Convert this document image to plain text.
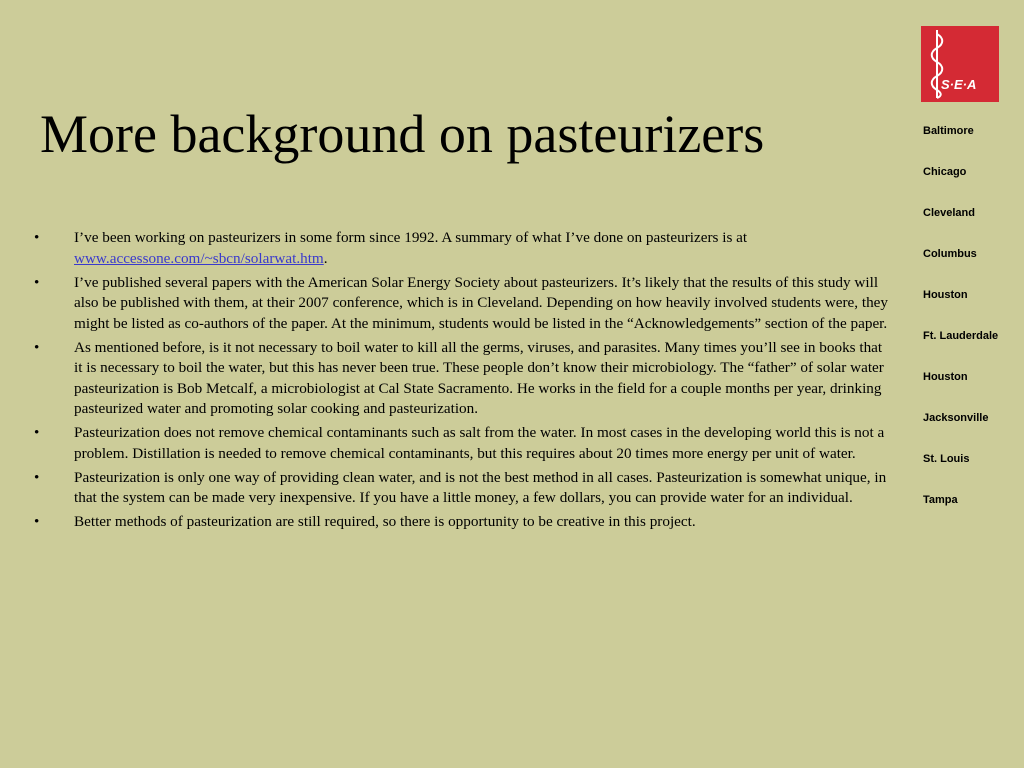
More background on pasteurizers
• I’ve been working on pasteurizers in some form since 1992. A summary of what I’ve done on pasteurizers is at www.accessone.com/~sbcn/solarwat.htm.
• I’ve published several papers with the American Solar Energy Society about pasteurizers. It’s likely that the results of this study will also be published with them, at their 2007 conference, which is in Cleveland. Depending on how heavily involved students were, they might be listed as co-authors of the paper. At the minimum, students would be listed in the “Acknowledgements” section of the paper.
• As mentioned before, is it not necessary to boil water to kill all the germs, viruses, and parasites. Many times you’ll see in books that it is necessary to boil the water, but this has never been true. These people don’t know their microbiology. The “father” of solar water pasteurization is Bob Metcalf, a microbiologist at Cal State Sacramento. He works in the field for a couple months per year, drinking pasteurized water and promoting solar cooking and pasteurization.
• Pasteurization does not remove chemical contaminants such as salt from the water. In most cases in the developing world this is not a problem. Distillation is needed to remove chemical contaminants, but this requires about 20 times more energy per unit of water.
• Pasteurization is only one way of providing clean water, and is not the best method in all cases. Pasteurization is somewhat unique, in that the system can be made very inexpensive. If you have a little money, a few dollars, you can provide water for an individual.
• Better methods of pasteurization are still required, so there is opportunity to be creative in this project.
S·E·A
Baltimore
Chicago
Cleveland
Columbus
Houston
Ft. Lauderdale
Houston
Jacksonville
St. Louis
Tampa
